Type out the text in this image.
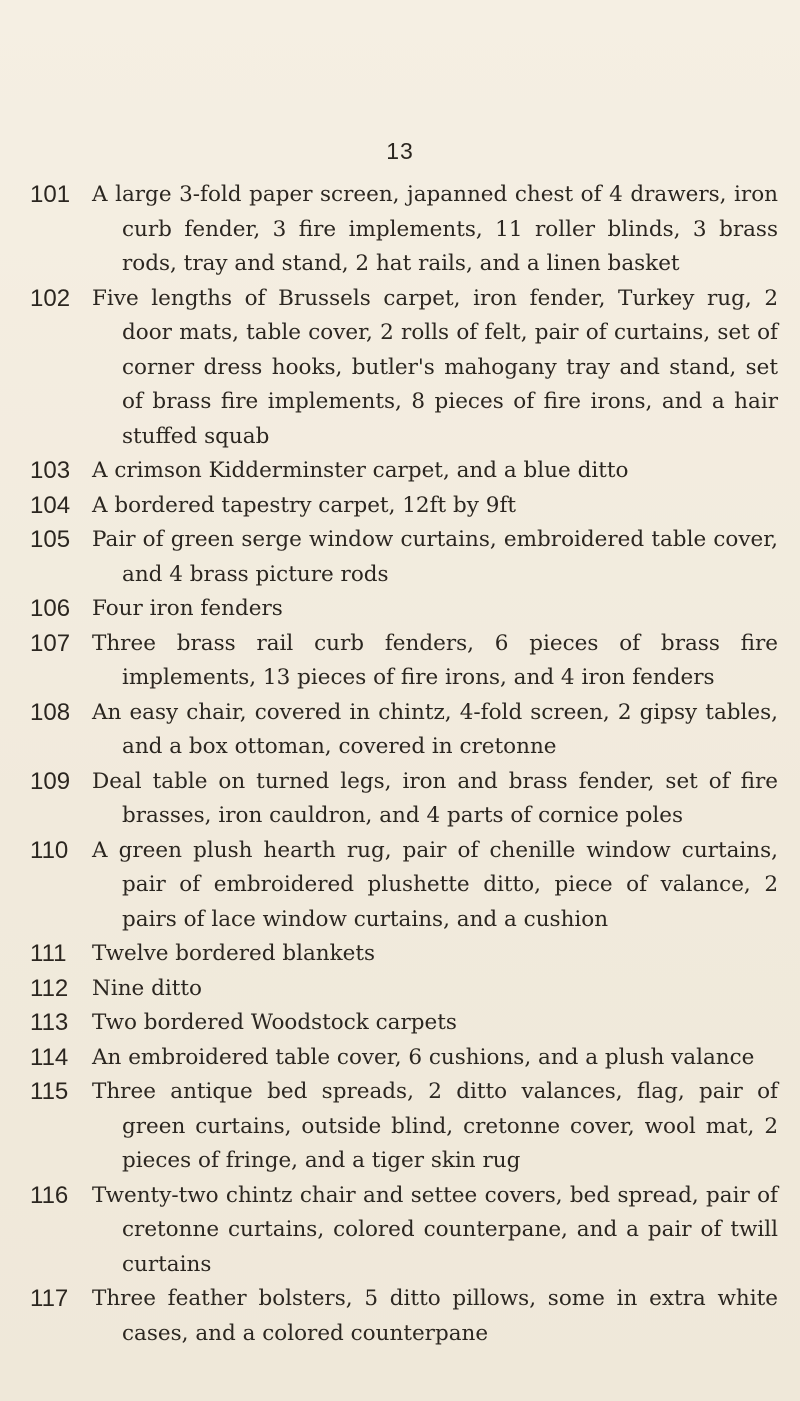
13
101 A large 3-fold paper screen, japanned chest of 4 drawers, iron curb fender, 3 fire implements, 11 roller blinds, 3 brass rods, tray and stand, 2 hat rails, and a linen basket
102 Five lengths of Brussels carpet, iron fender, Turkey rug, 2 door mats, table cover, 2 rolls of felt, pair of curtains, set of corner dress hooks, butler's mahogany tray and stand, set of brass fire implements, 8 pieces of fire irons, and a hair stuffed squab
103 A crimson Kidderminster carpet, and a blue ditto
104 A bordered tapestry carpet, 12ft by 9ft
105 Pair of green serge window curtains, embroidered table cover, and 4 brass picture rods
106 Four iron fenders
107 Three brass rail curb fenders, 6 pieces of brass fire implements, 13 pieces of fire irons, and 4 iron fenders
108 An easy chair, covered in chintz, 4-fold screen, 2 gipsy tables, and a box ottoman, covered in cretonne
109 Deal table on turned legs, iron and brass fender, set of fire brasses, iron cauldron, and 4 parts of cornice poles
110 A green plush hearth rug, pair of chenille window curtains, pair of embroidered plushette ditto, piece of valance, 2 pairs of lace window curtains, and a cushion
111 Twelve bordered blankets
112 Nine ditto
113 Two bordered Woodstock carpets
114 An embroidered table cover, 6 cushions, and a plush valance
115 Three antique bed spreads, 2 ditto valances, flag, pair of green curtains, outside blind, cretonne cover, wool mat, 2 pieces of fringe, and a tiger skin rug
116 Twenty-two chintz chair and settee covers, bed spread, pair of cretonne curtains, colored counterpane, and a pair of twill curtains
117 Three feather bolsters, 5 ditto pillows, some in extra white cases, and a colored counterpane
